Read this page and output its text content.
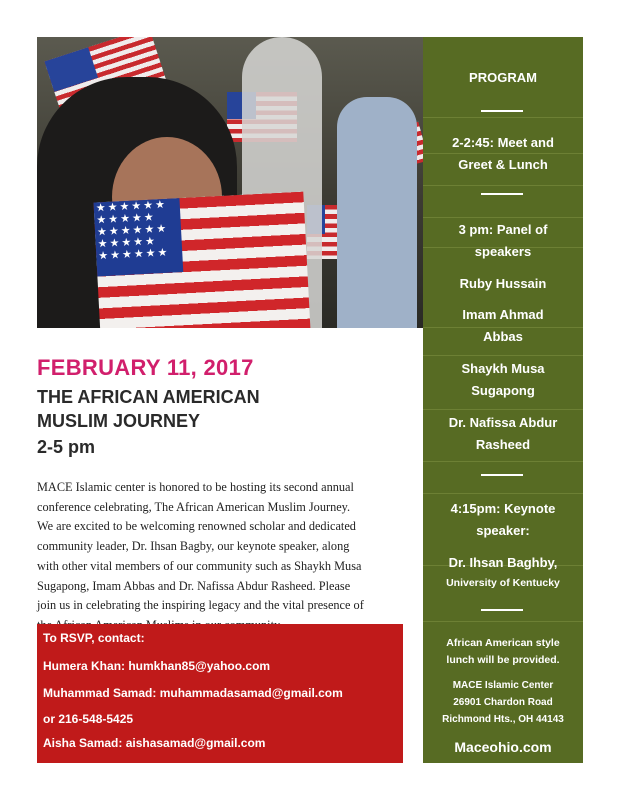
★★★★★★ ★★★★★ ★★★★★★ ★★★★★ ★★★★★★
FEBRUARY 11, 2017
THE AFRICAN AMERICAN
MUSLIM JOURNEY
2-5 pm
MACE Islamic center is honored to be hosting its second annual
conference celebrating, The African American Muslim Journey.
We are excited to be welcoming renowned scholar and dedicated
community leader, Dr. Ihsan Bagby, our keynote speaker, along
with other vital members of our community such as Shaykh Musa
Sugapong, Imam Abbas and Dr. Nafissa Abdur Rasheed. Please
join us in celebrating the inspiring legacy and the vital presence of
To RSVP, contact:
Humera Khan: humkhan85@yahoo.com
Muhammad Samad: muhammadasamad@gmail.com
or 216-548-5425
Aisha Samad: aishasamad@gmail.com
PROGRAM
2-2:45: Meet and
Greet & Lunch
3 pm: Panel of
speakers
Ruby Hussain
Imam Ahmad
Abbas
Shaykh Musa
Sugapong
Dr. Nafissa Abdur
Rasheed
4:15pm: Keynote
speaker:
Dr. Ihsan Baghby,
University of Kentucky
African American style
lunch will be provided.
MACE Islamic Center
26901 Chardon Road
Richmond Hts., OH 44143
Maceohio.com
